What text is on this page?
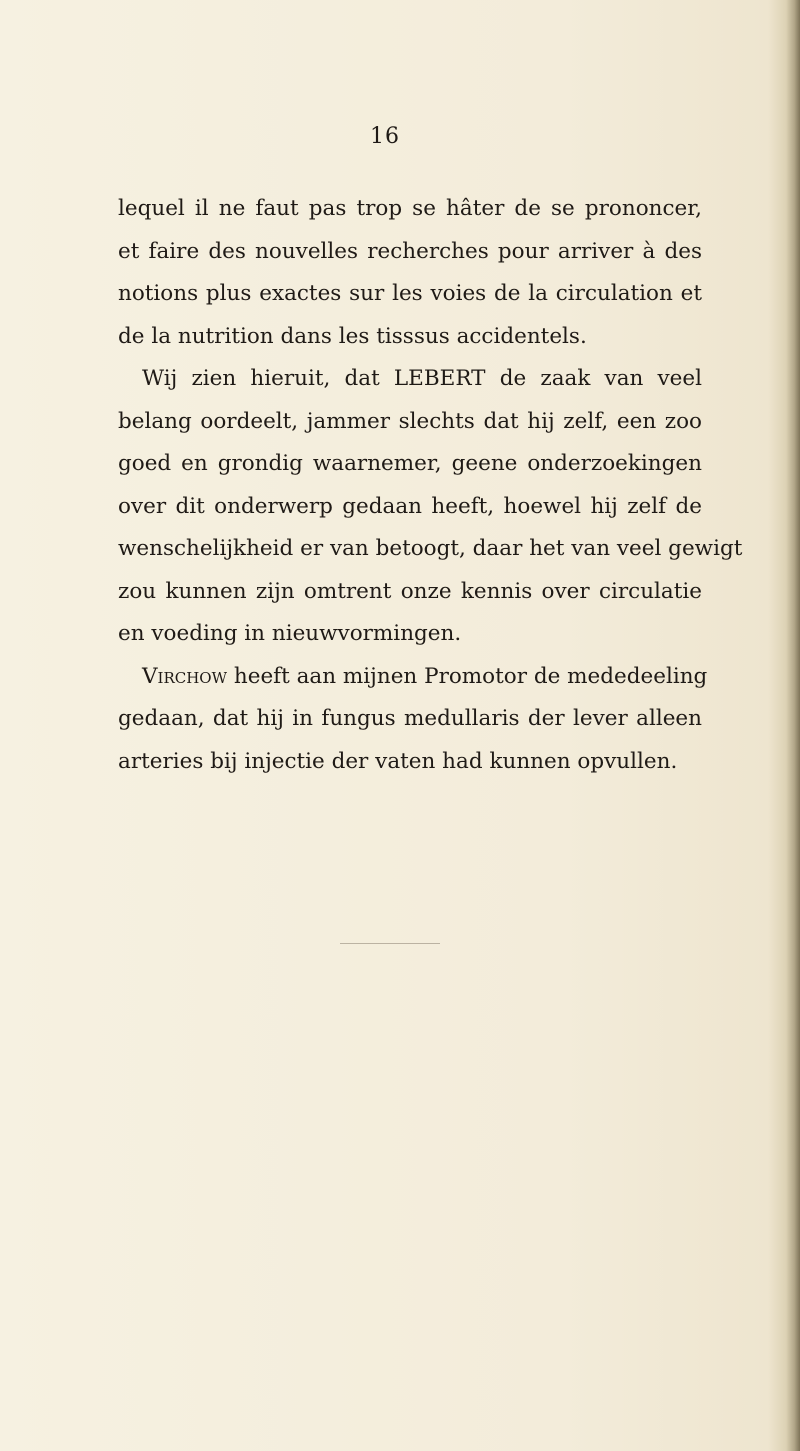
16
lequel il ne faut pas trop se hâter de se prononcer,
et faire des nouvelles recherches pour arriver à des
notions plus exactes sur les voies de la circulation et
de la nutrition dans les tisssus accidentels.
Wij zien hieruit, dat LEBERT de zaak van veel
belang oordeelt, jammer slechts dat hij zelf, een zoo
goed en grondig waarnemer, geene onderzoekingen
over dit onderwerp gedaan heeft, hoewel hij zelf de
wenschelijkheid er van betoogt, daar het van veel gewigt
zou kunnen zijn omtrent onze kennis over circulatie
en voeding in nieuwvormingen.
Virchow heeft aan mijnen Promotor de mededeeling
gedaan, dat hij in fungus medullaris der lever alleen
arteries bij injectie der vaten had kunnen opvullen.
